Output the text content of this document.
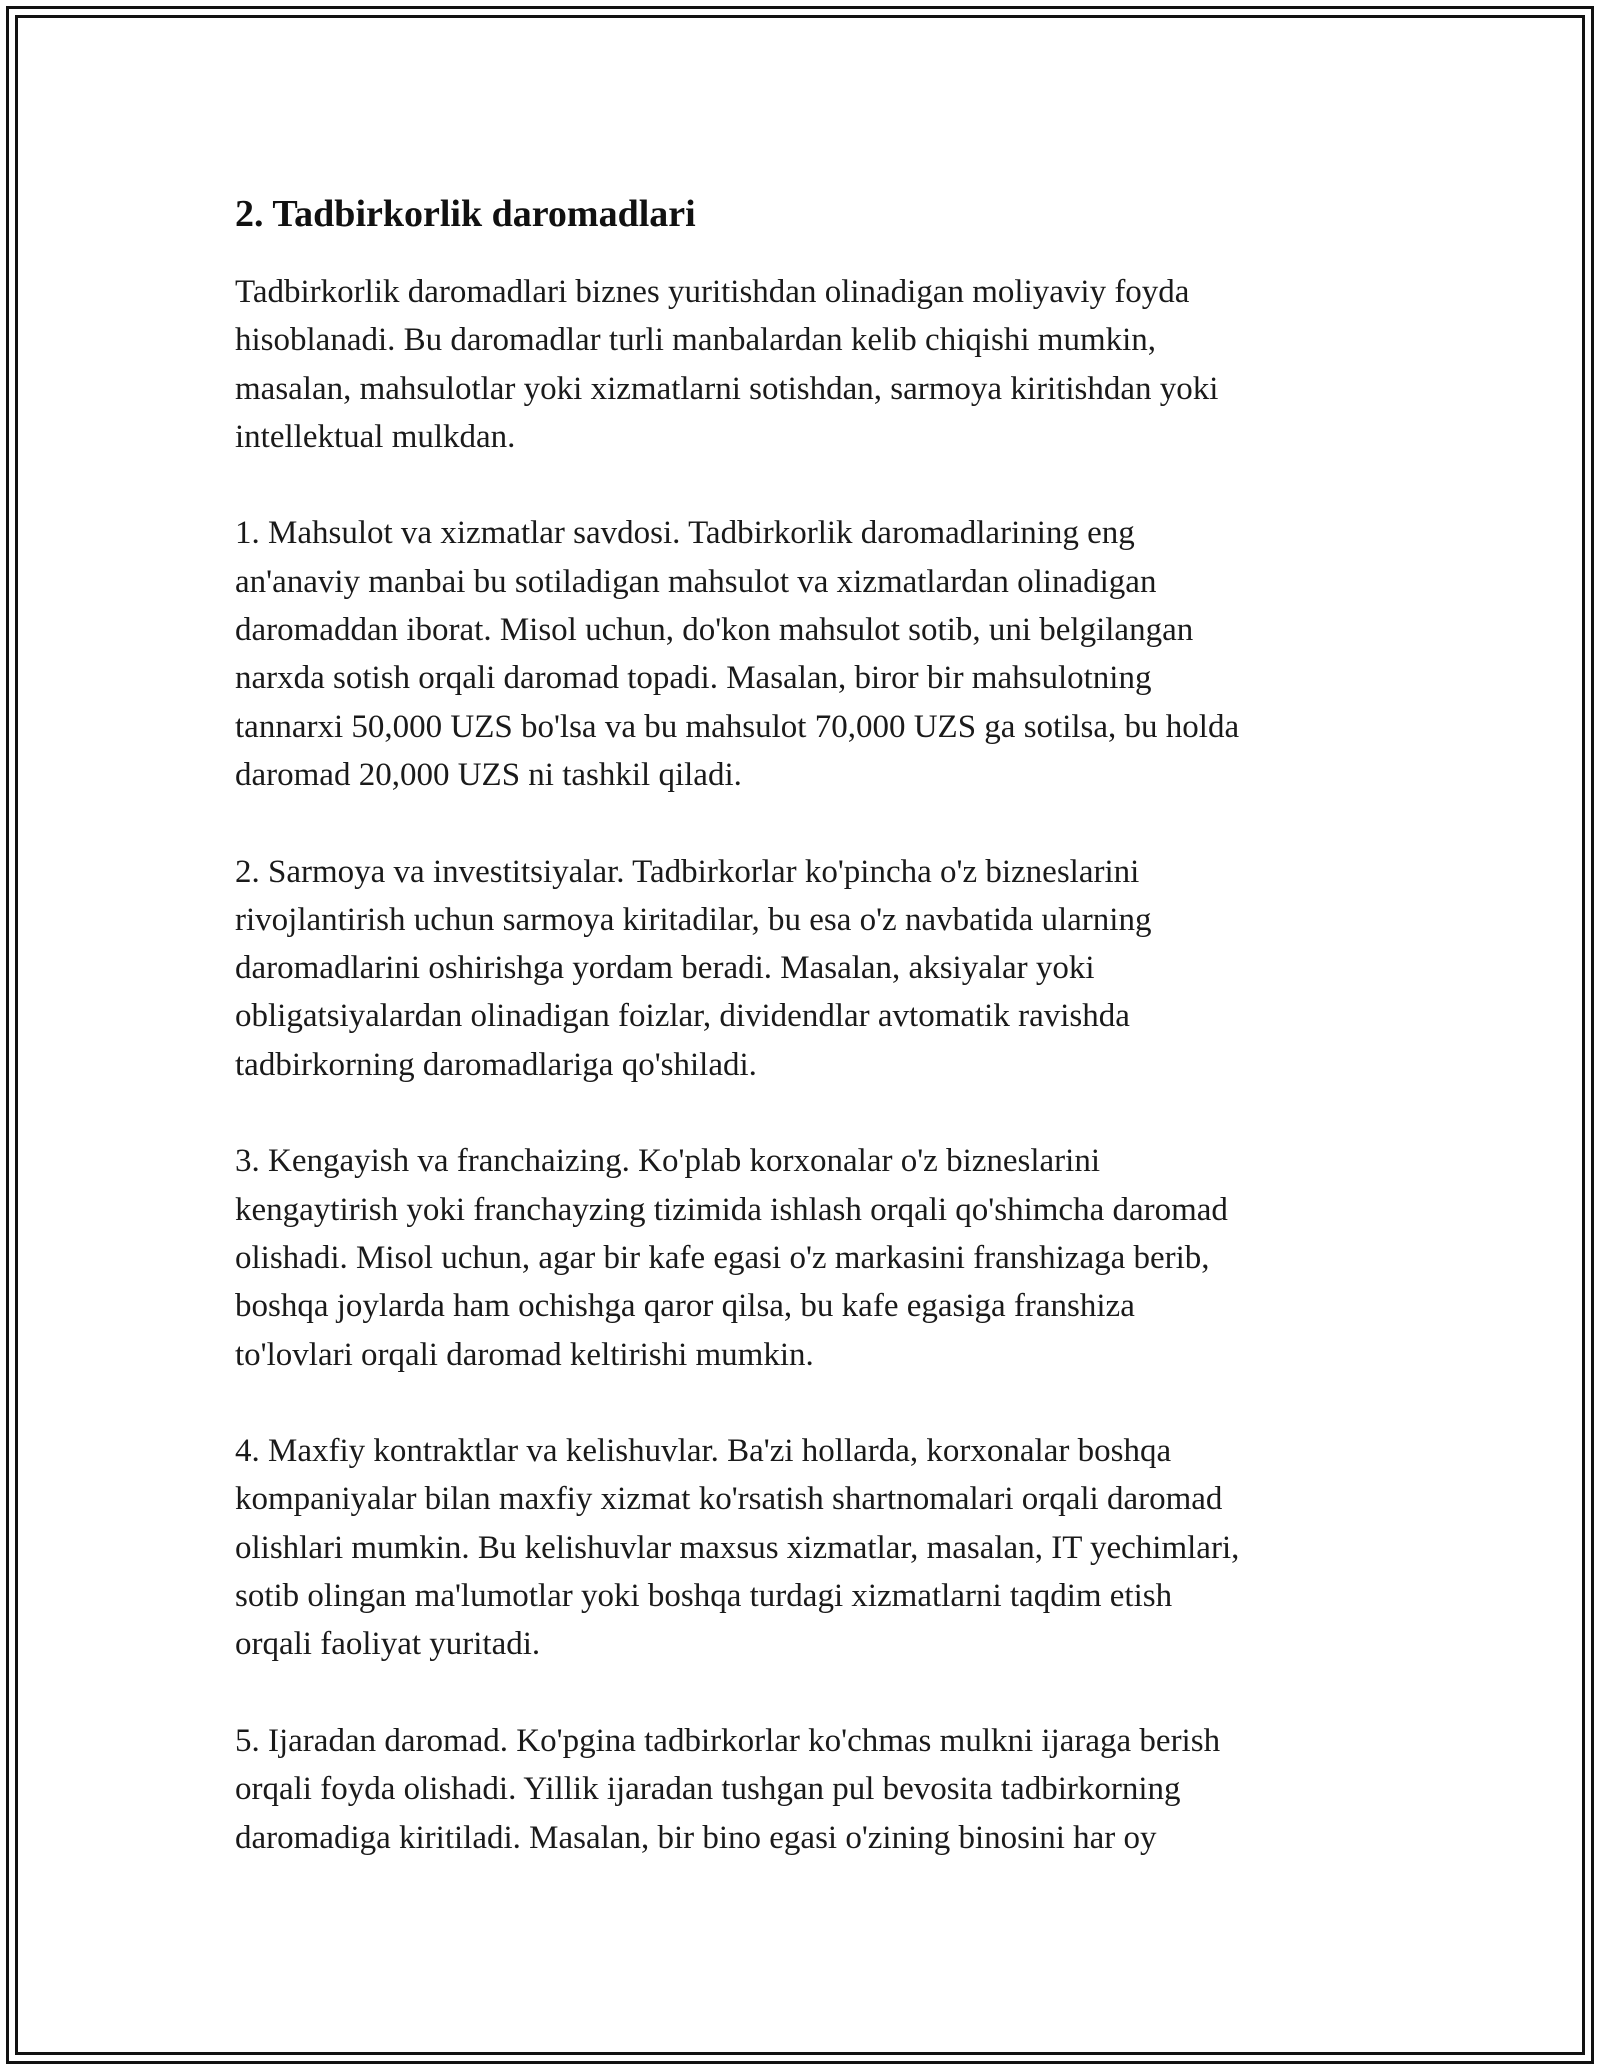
2. Tadbirkorlik daromadlari
Tadbirkorlik daromadlari biznes yuritishdan olinadigan moliyaviy foyda
hisoblanadi. Bu daromadlar turli manbalardan kelib chiqishi mumkin,
masalan, mahsulotlar yoki xizmatlarni sotishdan, sarmoya kiritishdan yoki
intellektual mulkdan.
1. Mahsulot va xizmatlar savdosi. Tadbirkorlik daromadlarining eng
an'anaviy manbai bu sotiladigan mahsulot va xizmatlardan olinadigan
daromaddan iborat. Misol uchun, do'kon mahsulot sotib, uni belgilangan
narxda sotish orqali daromad topadi. Masalan, biror bir mahsulotning
tannarxi 50,000 UZS bo'lsa va bu mahsulot 70,000 UZS ga sotilsa, bu holda
daromad 20,000 UZS ni tashkil qiladi.
2. Sarmoya va investitsiyalar. Tadbirkorlar ko'pincha o'z bizneslarini
rivojlantirish uchun sarmoya kiritadilar, bu esa o'z navbatida ularning
daromadlarini oshirishga yordam beradi. Masalan, aksiyalar yoki
obligatsiyalardan olinadigan foizlar, dividendlar avtomatik ravishda
tadbirkorning daromadlariga qo'shiladi.
3. Kengayish va franchaizing. Ko'plab korxonalar o'z bizneslarini
kengaytirish yoki franchayzing tizimida ishlash orqali qo'shimcha daromad
olishadi. Misol uchun, agar bir kafe egasi o'z markasini franshizaga berib,
boshqa joylarda ham ochishga qaror qilsa, bu kafe egasiga franshiza
to'lovlari orqali daromad keltirishi mumkin.
4. Maxfiy kontraktlar va kelishuvlar. Ba'zi hollarda, korxonalar boshqa
kompaniyalar bilan maxfiy xizmat ko'rsatish shartnomalari orqali daromad
olishlari mumkin. Bu kelishuvlar maxsus xizmatlar, masalan, IT yechimlari,
sotib olingan ma'lumotlar yoki boshqa turdagi xizmatlarni taqdim etish
orqali faoliyat yuritadi.
5. Ijaradan daromad. Ko'pgina tadbirkorlar ko'chmas mulkni ijaraga berish
orqali foyda olishadi. Yillik ijaradan tushgan pul bevosita tadbirkorning
daromadiga kiritiladi. Masalan, bir bino egasi o'zining binosini har oy
